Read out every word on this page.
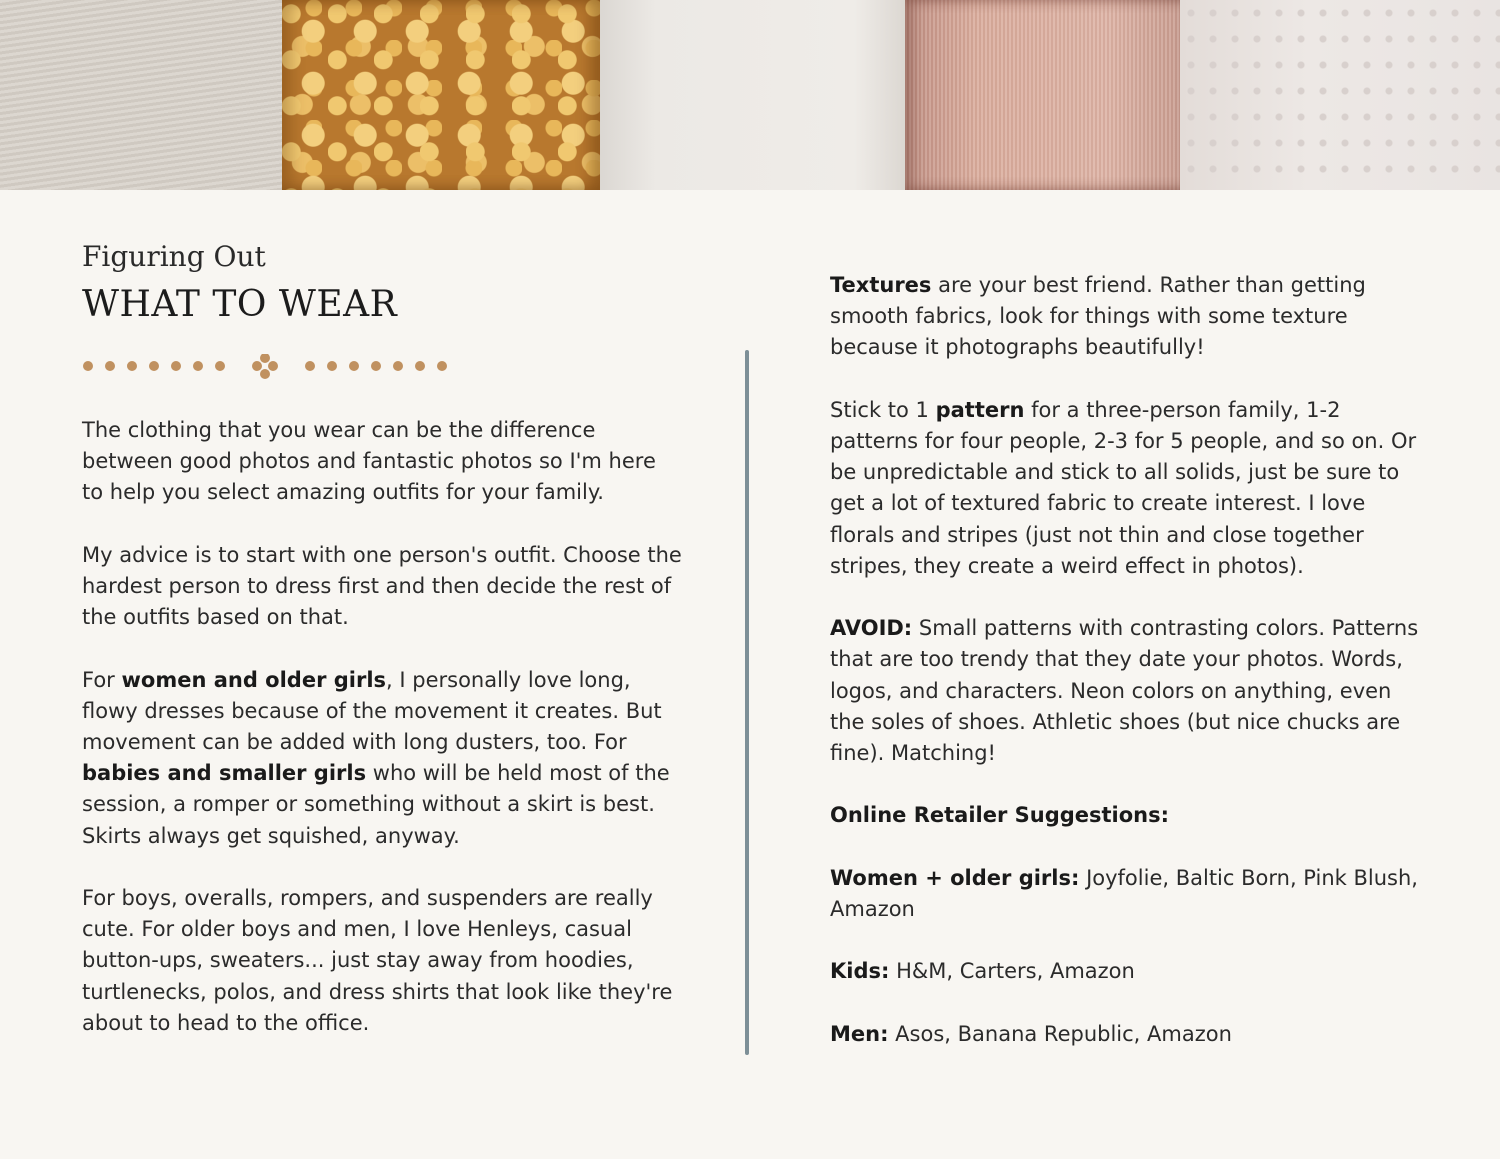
Figuring Out
WHAT TO WEAR

The clothing that you wear can be the difference between good photos and fantastic photos so I'm here to help you select amazing outfits for your family.

My advice is to start with one person's outfit. Choose the hardest person to dress first and then decide the rest of the outfits based on that.

For women and older girls, I personally love long, flowy dresses because of the movement it creates. But movement can be added with long dusters, too. For babies and smaller girls who will be held most of the session, a romper or something without a skirt is best. Skirts always get squished, anyway.

For boys, overalls, rompers, and suspenders are really cute. For older boys and men, I love Henleys, casual button-ups, sweaters... just stay away from hoodies, turtlenecks, polos, and dress shirts that look like they're about to head to the office.

Textures are your best friend. Rather than getting smooth fabrics, look for things with some texture because it photographs beautifully!

Stick to 1 pattern for a three-person family, 1-2 patterns for four people, 2-3 for 5 people, and so on. Or be unpredictable and stick to all solids, just be sure to get a lot of textured fabric to create interest. I love florals and stripes (just not thin and close together stripes, they create a weird effect in photos).

AVOID: Small patterns with contrasting colors. Patterns that are too trendy that they date your photos. Words, logos, and characters. Neon colors on anything, even the soles of shoes. Athletic shoes (but nice chucks are fine). Matching!

Online Retailer Suggestions:

Women + older girls: Joyfolie, Baltic Born, Pink Blush, Amazon

Kids: H&M, Carters, Amazon

Men: Asos, Banana Republic, Amazon
